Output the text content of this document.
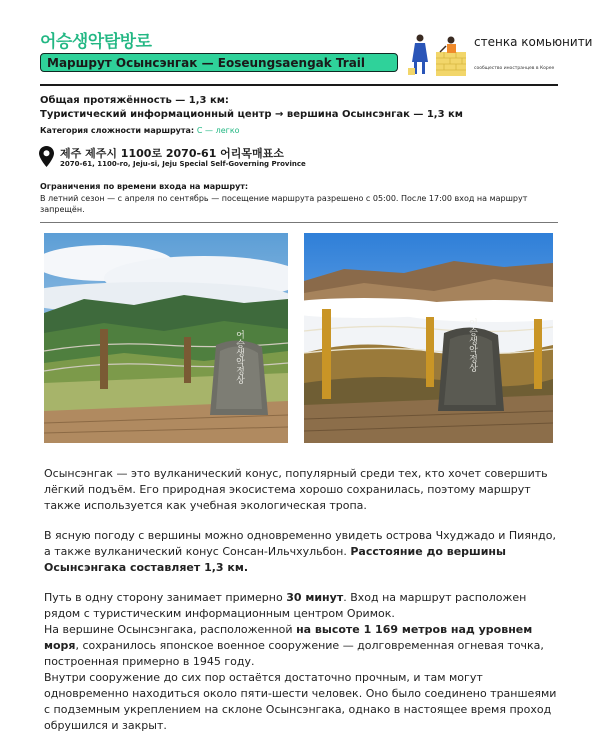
어승생악탐방로
Маршрут Осынсэнгак — Eoseungsaengak Trail
стенка комьюнити
сообщество иностранцев в Корее
Общая протяжённость — 1,3 км:
Туристический информационный центр → вершина Осынсэнгак — 1,3 км
Категория сложности маршрута: С — легко
제주 제주시 1100로 2070-61 어리목매표소
2070-61, 1100-ro, Jeju-si, Jeju Special Self-Governing Province
Ограничения по времени входа на маршрут:
В летний сезон — с апреля по сентябрь — посещение маршрута разрешено с 05:00. После 17:00 вход на маршрут запрещён.
어승생악정상	어승생악정상
Осынсэнгак — это вулканический конус, популярный среди тех, кто хочет совершить лёгкий подъём. Его природная экосистема хорошо сохранилась, поэтому маршрут также используется как учебная экологическая тропа.
В ясную погоду с вершины можно одновременно увидеть острова Чхуджадо и Пияндо, а также вулканический конус Сонсан-Ильчхульбон. Расстояние до вершины Осынсэнгака составляет 1,3 км.
Путь в одну сторону занимает примерно 30 минут. Вход на маршрут расположен рядом с туристическим информационным центром Оримок.
На вершине Осынсэнгака, расположенной на высоте 1 169 метров над уровнем моря, сохранилось японское военное сооружение — долговременная огневая точка, построенная примерно в 1945 году.
Внутри сооружение до сих пор остаётся достаточно прочным, и там могут одновременно находиться около пяти-шести человек. Оно было соединено траншеями с подземным укреплением на склоне Осынсэнгака, однако в настоящее время проход обрушился и закрыт.
